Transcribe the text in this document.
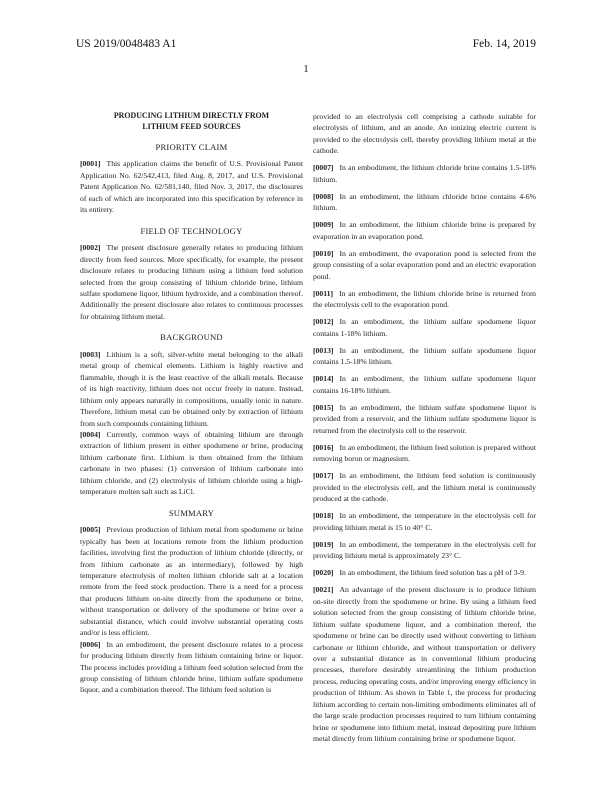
US 2019/0048483 A1	Feb. 14, 2019
1
PRODUCING LITHIUM DIRECTLY FROM
LITHIUM FEED SOURCES
PRIORITY CLAIM

[0001] This application claims the benefit of U.S. Provisional Patent Application No. 62/542,413, filed Aug. 8, 2017, and U.S. Provisional Patent Application No. 62/581,140, filed Nov. 3, 2017, the disclosures of each of which are incorporated into this specification by reference in its entirety.

FIELD OF TECHNOLOGY

[0002] The present disclosure generally relates to producing lithium directly from feed sources. More specifically, for example, the present disclosure relates to producing lithium using a lithium feed solution selected from the group consisting of lithium chloride brine, lithium sulfate spodumene liquor, lithium hydroxide, and a combination thereof. Additionally the present disclosure also relates to continuous processes for obtaining lithium metal.

BACKGROUND

[0003] Lithium is a soft, silver-white metal belonging to the alkali metal group of chemical elements. Lithium is highly reactive and flammable, though it is the least reactive of the alkali metals. Because of its high reactivity, lithium does not occur freely in nature. Instead, lithium only appears naturally in compositions, usually ionic in nature. Therefore, lithium metal can be obtained only by extraction of lithium from such compounds containing lithium.

[0004] Currently, common ways of obtaining lithium are through extraction of lithium present in either spodumene or brine, producing lithium carbonate first. Lithium is then obtained from the lithium carbonate in two phases: (1) conversion of lithium carbonate into lithium chloride, and (2) electrolysis of lithium chloride using a high-temperature molten salt such as LiCl.

SUMMARY

[0005] Previous production of lithium metal from spodumene or brine typically has been at locations remote from the lithium production facilities, involving first the production of lithium chloride (directly, or from lithium carbonate as an intermediary), followed by high temperature electrolysis of molten lithium chloride salt at a location remote from the feed stock production. There is a need for a process that produces lithium on-site directly from the spodumene or brine, without transportation or delivery of the spodumene or brine over a substantial distance, which could involve substantial operating costs and/or is less efficient.

[0006] In an embodiment, the present disclosure relates to a process for producing lithium directly from lithium containing brine or liquor. The process includes providing a lithium feed solution selected from the group consisting of lithium chloride brine, lithium sulfate spodumene liquor, and a combination thereof. The lithium feed solution is

provided to an electrolysis cell comprising a cathode suitable for electrolysis of lithium, and an anode. An ionizing electric current is provided to the electrolysis cell, thereby providing lithium metal at the cathode.

[0007] In an embodiment, the lithium chloride brine contains 1.5-18% lithium.

[0008] In an embodiment, the lithium chloride brine contains 4-6% lithium.

[0009] In an embodiment, the lithium chloride brine is prepared by evaporation in an evaporation pond.

[0010] In an embodiment, the evaporation pond is selected from the group consisting of a solar evaporation pond and an electric evaporation pond.

[0011] In an embodiment, the lithium chloride brine is returned from the electrolysis cell to the evaporation pond.

[0012] In an embodiment, the lithium sulfate spodumene liquor contains 1-18% lithium.

[0013] In an embodiment, the lithium sulfate spodumene liquor contains 1.5-18% lithium.

[0014] In an embodiment, the lithium sulfate spodumene liquor contains 16-18% lithium.

[0015] In an embodiment, the lithium sulfate spodumene liquor is provided from a reservoir, and the lithium sulfate spodumene liquor is returned from the electrolysis cell to the reservoir.

[0016] In an embodiment, the lithium feed solution is prepared without removing boron or magnesium.

[0017] In an embodiment, the lithium feed solution is continuously provided to the electrolysis cell, and the lithium metal is continuously produced at the cathode.

[0018] In an embodiment, the temperature in the electrolysis cell for providing lithium metal is 15 to 40° C.

[0019] In an embodiment, the temperature in the electrolysis cell for providing lithium metal is approximately 23° C.

[0020] In an embodiment, the lithium feed solution has a pH of 3-9.

[0021] An advantage of the present disclosure is to produce lithium on-site directly from the spodumene or brine. By using a lithium feed solution selected from the group consisting of lithium chloride brine, lithium sulfate spodumene liquor, and a combination thereof, the spodumene or brine can be directly used without converting to lithium carbonate or lithium chloride, and without transportation or delivery over a substantial distance as in conventional lithium producing processes, therefore desirably streamlining the lithium production process, reducing operating costs, and/or improving energy efficiency in production of lithium. As shown in Table 1, the process for producing lithium according to certain non-limiting embodiments eliminates all of the large scale production processes required to turn lithium containing brine or spodumene into lithium metal, instead depositing pure lithium metal directly from lithium containing brine or spodumene liquor.
